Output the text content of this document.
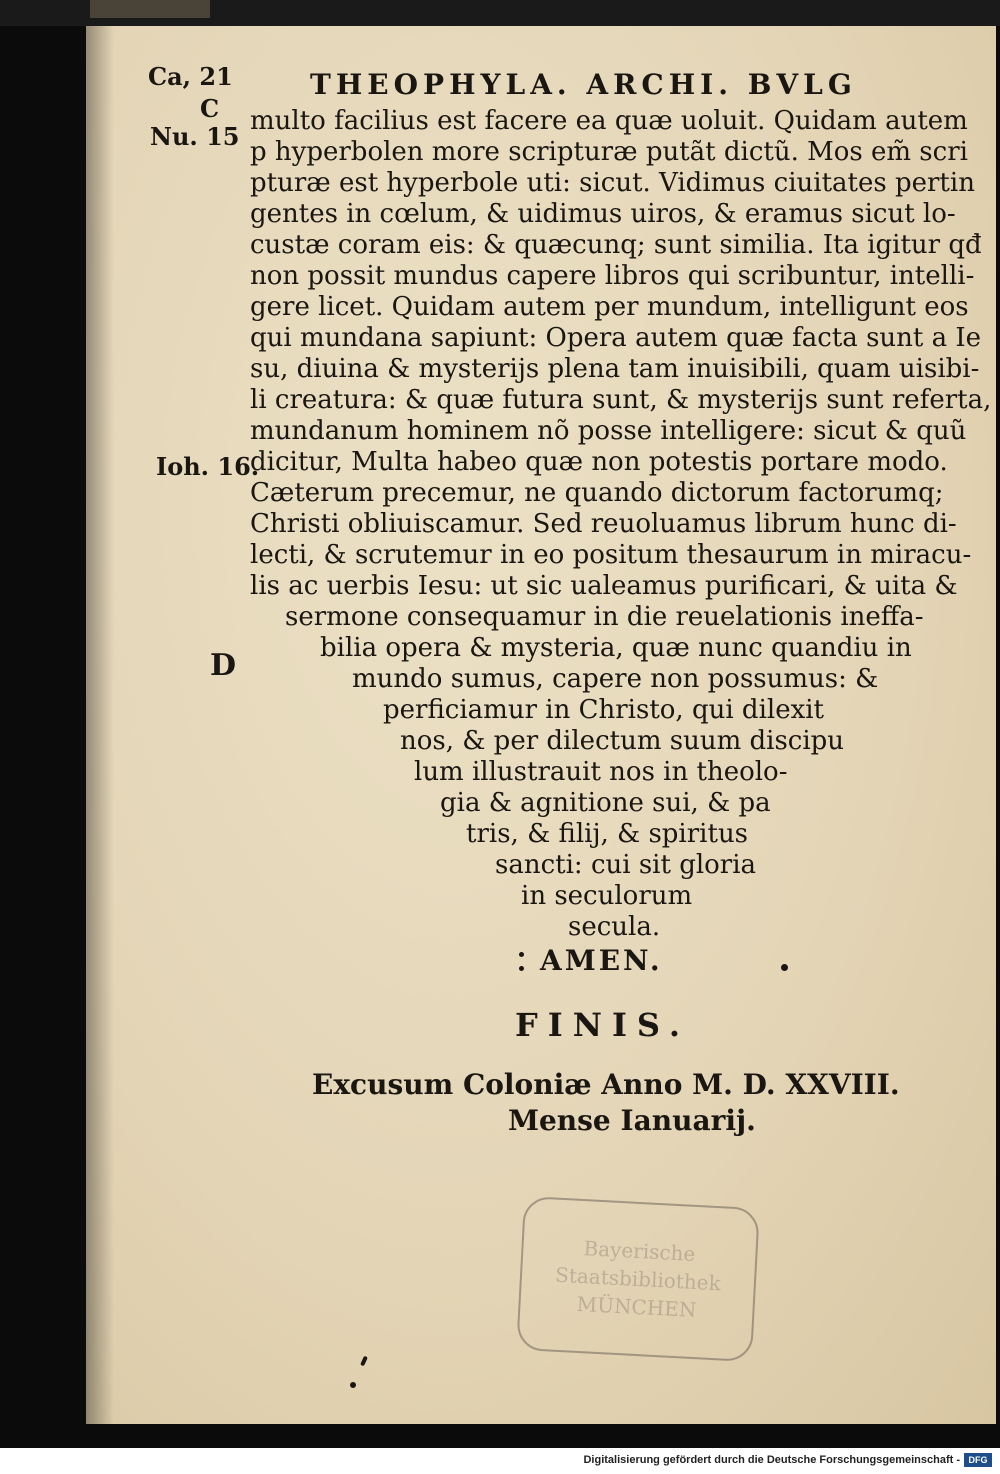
THEOPHYLA. ARCHI. BVLG
Ca, 21
C
Nu. 15
Ioh. 16.
D
multo facilius est facere ea quæ uoluit. Quidam autem
p hyperbolen more scripturæ putãt dictũ. Mos em̃ scri
pturæ est hyperbole uti: sicut. Vidimus ciuitates pertin
gentes in cœlum, & uidimus uiros, & eramus sicut lo-
custæ coram eis: & quæcunq; sunt similia. Ita igitur qđ
non possit mundus capere libros qui scribuntur, intelli-
gere licet. Quidam autem per mundum, intelligunt eos
qui mundana sapiunt: Opera autem quæ facta sunt a Ie
su, diuina & mysterijs plena tam inuisibili, quam uisibi-
li creatura: & quæ futura sunt, & mysterijs sunt referta,
mundanum hominem nõ posse intelligere: sicut & quũ
dicitur, Multa habeo quæ non potestis portare modo.
Cæterum precemur, ne quando dictorum factorumq;
Christi obliuiscamur. Sed reuoluamus librum hunc di-
lecti, & scrutemur in eo positum thesaurum in miracu-
lis ac uerbis Iesu: ut sic ualeamus purificari, & uita &
sermone consequamur in die reuelationis ineffa-
bilia opera & mysteria, quæ nunc quandiu in
mundo sumus, capere non possumus: &
perficiamur in Christo, qui dilexit
nos, & per dilectum suum discipu
lum illustrauit nos in theolo-
gia & agnitione sui, & pa
tris, & filij, & spiritus
sancti: cui sit gloria
in seculorum
secula.
AMEN.
FINIS.
Excusum Coloniæ Anno M. D. XXVIII.
Mense Ianuarij.
Bayerische
Staatsbibliothek
MÜNCHEN
Digitalisierung gefördert durch die Deutsche Forschungsgemeinschaft - DFG
